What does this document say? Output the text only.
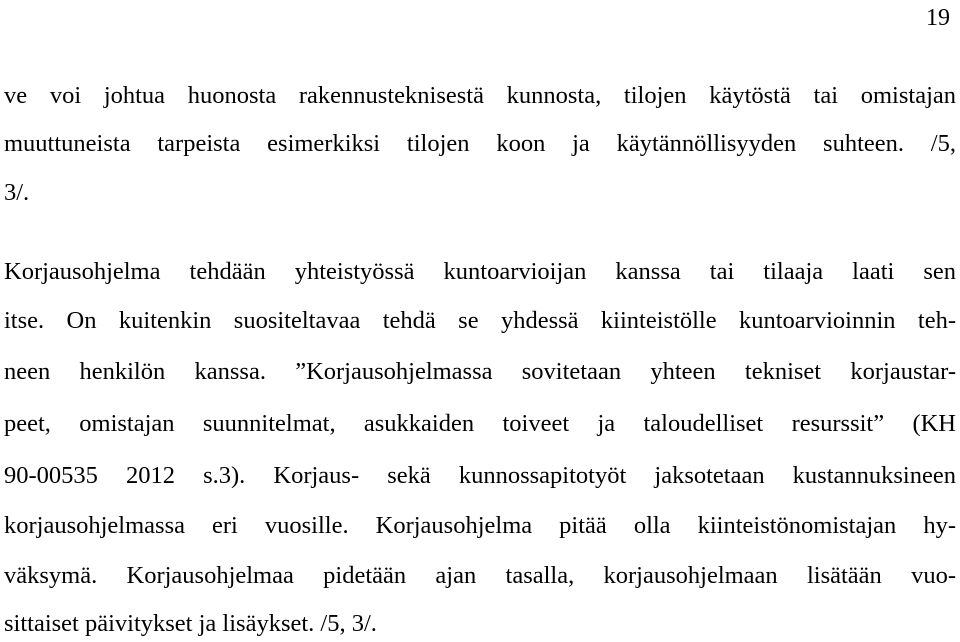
19
ve voi johtua huonosta rakennusteknisestä kunnosta, tilojen käytöstä tai omistajan
muuttuneista tarpeista esimerkiksi tilojen koon ja käytännöllisyyden suhteen. /5,
3/.
Korjausohjelma tehdään yhteistyössä kuntoarvioijan kanssa tai tilaaja laati sen
itse. On kuitenkin suositeltavaa tehdä se yhdessä kiinteistölle kuntoarvioinnin teh-
neen henkilön kanssa. ”Korjausohjelmassa sovitetaan yhteen tekniset korjaustar-
peet, omistajan suunnitelmat, asukkaiden toiveet ja taloudelliset resurssit” (KH
90-00535 2012 s.3). Korjaus- sekä kunnossapitotyöt jaksotetaan kustannuksineen
korjausohjelmassa eri vuosille. Korjausohjelma pitää olla kiinteistönomistajan hy-
väksymä. Korjausohjelmaa pidetään ajan tasalla, korjausohjelmaan lisätään vuo-
sittaiset päivitykset ja lisäykset. /5, 3/.
